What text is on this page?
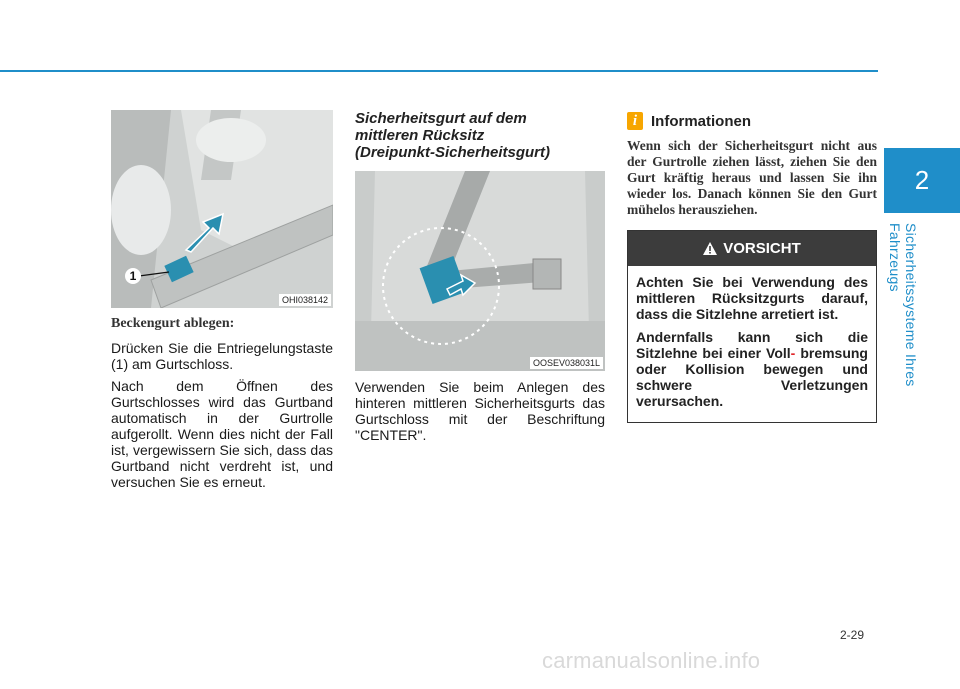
2
Sicherheitssysteme Ihres Fahrzeugs
1
OHI038142
Beckengurt ablegen:

Drücken Sie die Entriegelungstaste (1) am Gurtschloss.

Nach dem Öffnen des Gurtschlosses wird das Gurtband automatisch in der Gurtrolle aufgerollt. Wenn dies nicht der Fall ist, vergewissern Sie sich, dass das Gurtband nicht verdreht ist, und versuchen Sie es erneut.

Sicherheitsgurt auf dem
mittleren Rücksitz
(Dreipunkt-Sicherheitsgurt)
OOSEV038031L

Verwenden Sie beim Anlegen des hinteren mittleren Sicherheitsgurts das Gurtschloss mit der Beschriftung "CENTER".

i Informationen
Wenn sich der Sicherheitsgurt nicht aus der Gurtrolle ziehen lässt, ziehen Sie den Gurt kräftig heraus und lassen Sie ihn wieder los. Danach können Sie den Gurt mühelos herausziehen.
VORSICHT

Achten Sie bei Verwendung des mittleren Rücksitzgurts darauf, dass die Sitzlehne arretiert ist.

Andernfalls kann sich die Sitzlehne bei einer Voll- bremsung oder Kollision bewegen und schwere Verletzungen verursachen.

2-29
carmanualsonline.info
